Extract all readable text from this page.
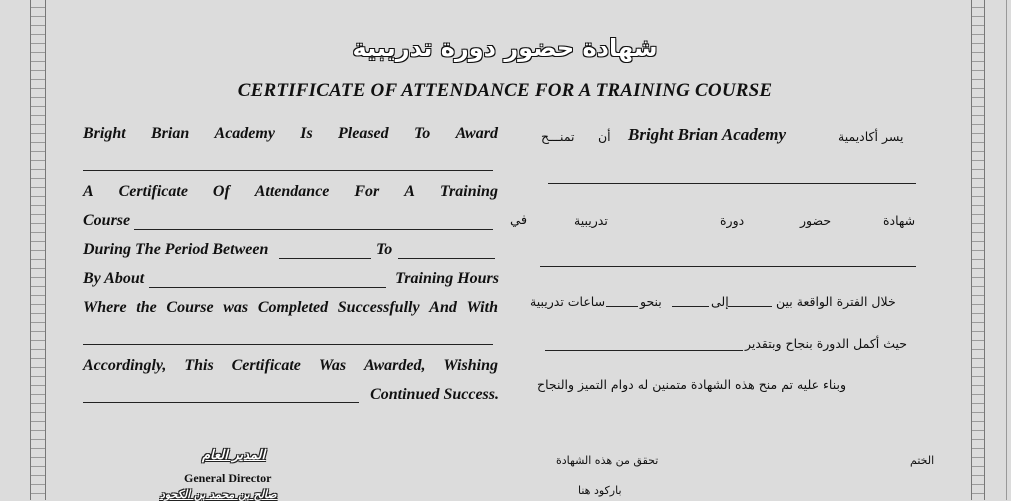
شهادة حضور دورة تدريبية
CERTIFICATE OF ATTENDANCE FOR A TRAINING COURSE
Bright Brian Academy Is Pleased To Award
A Certificate Of Attendance For A Training
Course
During The Period Between	To
By About	Training Hours
Where the Course was Completed Successfully And With
Accordingly, This Certificate Was Awarded, Wishing
Continued Success.
يسر أكاديمية
Bright Brian Academy
أن
تمنـــح
في	شهادة
حضور
دورة
تدريبية
خلال الفترة الواقعة بين
إلى
بنحو
ساعات تدريبية
حيث أكمل الدورة بنجاح وبتقدير
وبناء عليه تم منح هذه الشهادة متمنين له دوام التميز والنجاح
المدير العام
General Director
صالح بن محمد بن الكحود
تحقق من هذه الشهادة
باركود هنا
الختم
